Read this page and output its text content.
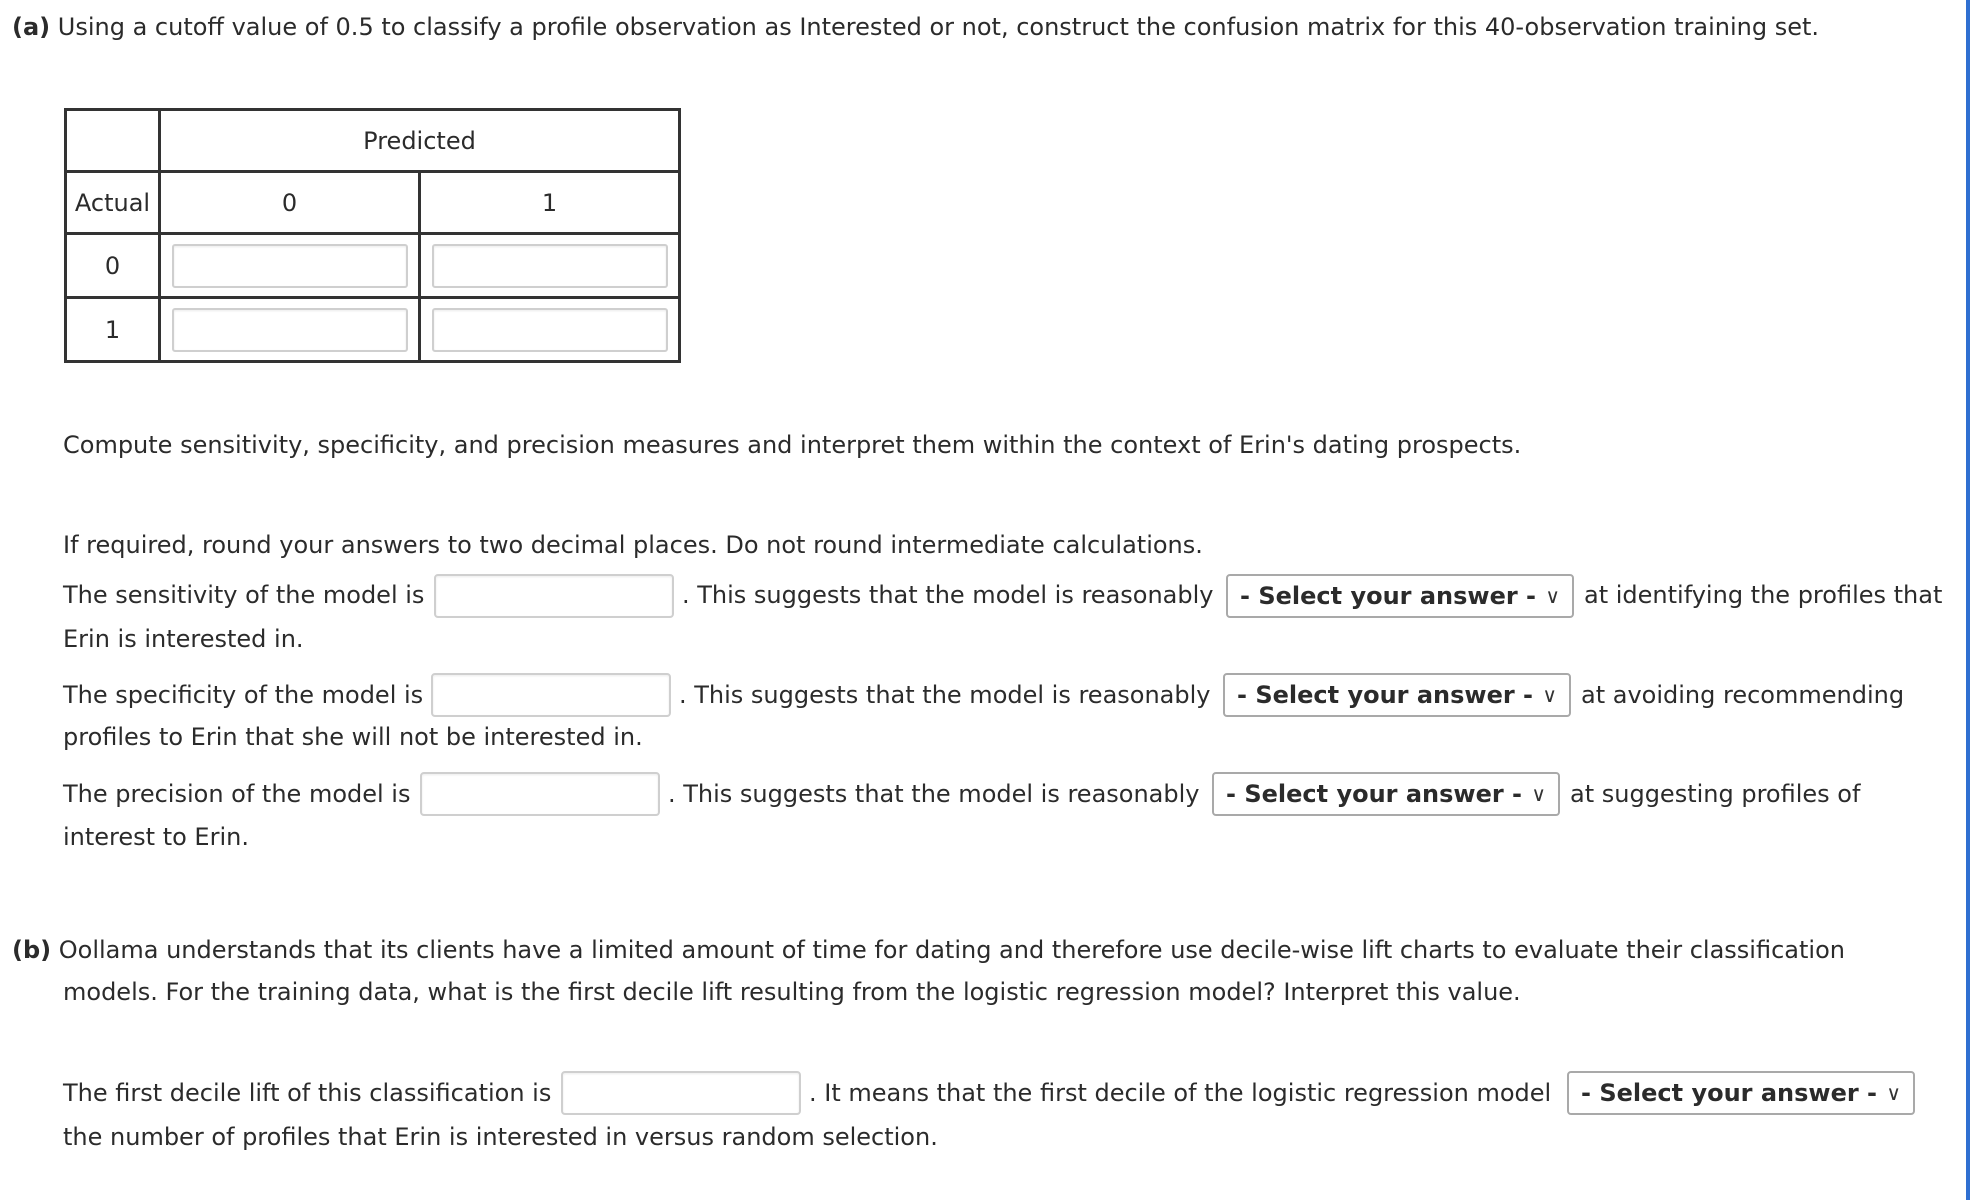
(a) Using a cutoff value of 0.5 to classify a profile observation as Interested or not, construct the confusion matrix for this 40-observation training set.
	Predicted	
Actual	0	1
0	

1	

Compute sensitivity, specificity, and precision measures and interpret them within the context of Erin's dating prospects.
If required, round your answers to two decimal places. Do not round intermediate calculations.
The sensitivity of the model is	. This suggests that the model is reasonably	- Select your answer - ∨ at identifying the profiles that
Erin is interested in.
The specificity of the model is	. This suggests that the model is reasonably	- Select your answer - ∨ at avoiding recommending
profiles to Erin that she will not be interested in.
The precision of the model is	. This suggests that the model is reasonably	- Select your answer - ∨ at suggesting profiles of
interest to Erin.
(b) Oollama understands that its clients have a limited amount of time for dating and therefore use decile-wise lift charts to evaluate their classification
models. For the training data, what is the first decile lift resulting from the logistic regression model? Interpret this value.
The first decile lift of this classification is	. It means that the first decile of the logistic regression model	- Select your answer - ∨
the number of profiles that Erin is interested in versus random selection.
